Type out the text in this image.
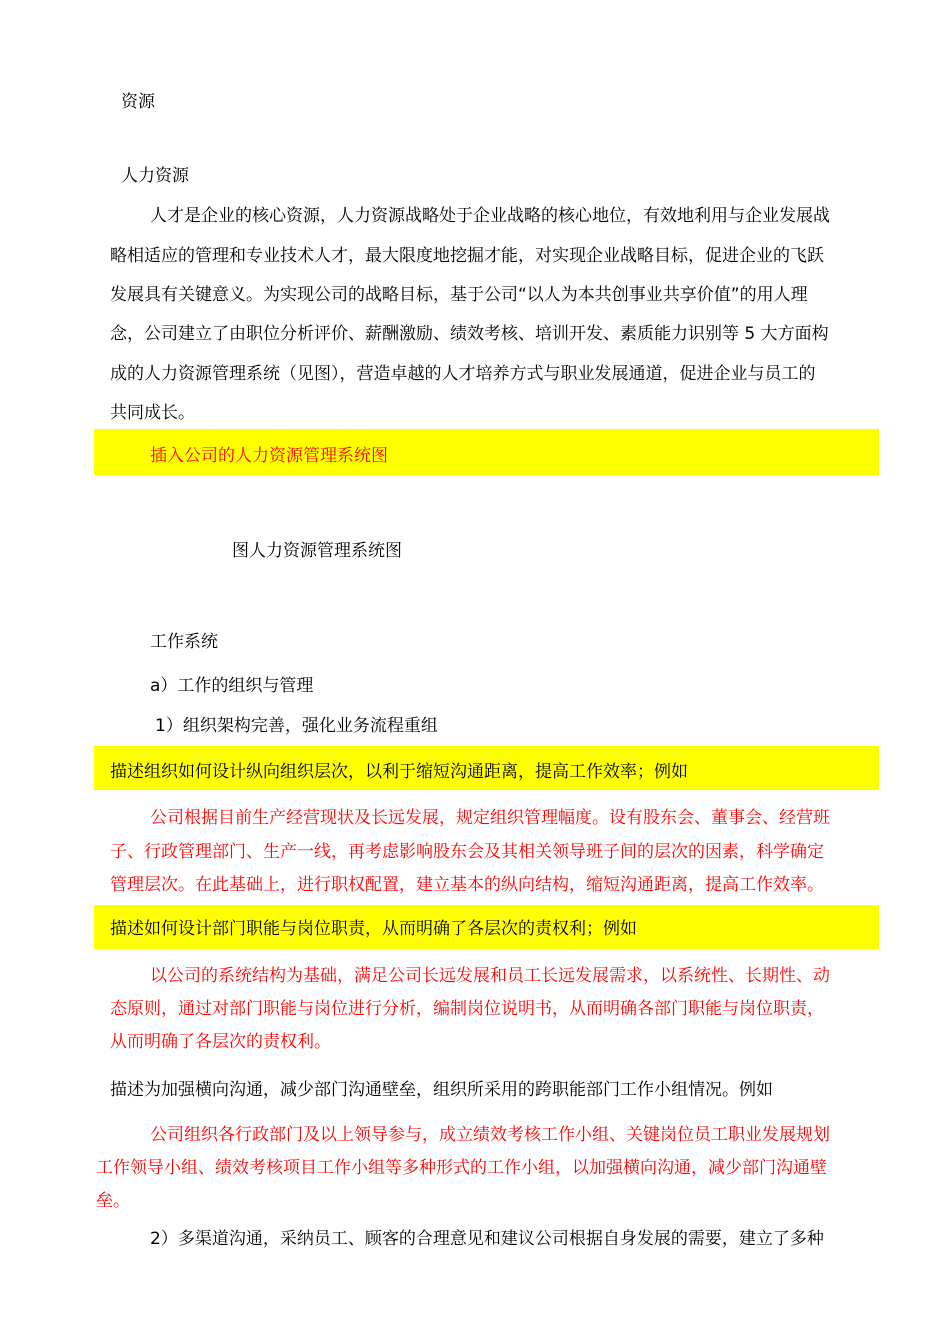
资源
人力资源
人才是企业的核心资源，人力资源战略处于企业战略的核心地位，有效地利用与企业发展战
略相适应的管理和专业技术人才，最大限度地挖掘才能，对实现企业战略目标，促进企业的飞跃
发展具有关键意义。为实现公司的战略目标，基于公司“以人为本共创事业共享价值”的用人理
念，公司建立了由职位分析评价、薪酬激励、绩效考核、培训开发、素质能力识别等 5 大方面构
成的人力资源管理系统（见图），营造卓越的人才培养方式与职业发展通道，促进企业与员工的
共同成长。
插入公司的人力资源管理系统图
图人力资源管理系统图
工作系统
a）工作的组织与管理
1）组织架构完善，强化业务流程重组
描述组织如何设计纵向组织层次，以利于缩短沟通距离，提高工作效率；例如
公司根据目前生产经营现状及长远发展，规定组织管理幅度。设有股东会、董事会、经营班
子、行政管理部门、生产一线，再考虑影响股东会及其相关领导班子间的层次的因素，科学确定
管理层次。在此基础上，进行职权配置，建立基本的纵向结构，缩短沟通距离，提高工作效率。
描述如何设计部门职能与岗位职责，从而明确了各层次的责权利；例如
以公司的系统结构为基础，满足公司长远发展和员工长远发展需求，以系统性、长期性、动
态原则，通过对部门职能与岗位进行分析，编制岗位说明书，从而明确各部门职能与岗位职责，
从而明确了各层次的责权利。
描述为加强横向沟通，减少部门沟通壁垒，组织所采用的跨职能部门工作小组情况。例如
公司组织各行政部门及以上领导参与，成立绩效考核工作小组、关键岗位员工职业发展规划
工作领导小组、绩效考核项目工作小组等多种形式的工作小组，以加强横向沟通，减少部门沟通壁
垒。
2）多渠道沟通，采纳员工、顾客的合理意见和建议公司根据自身发展的需要，建立了多种
